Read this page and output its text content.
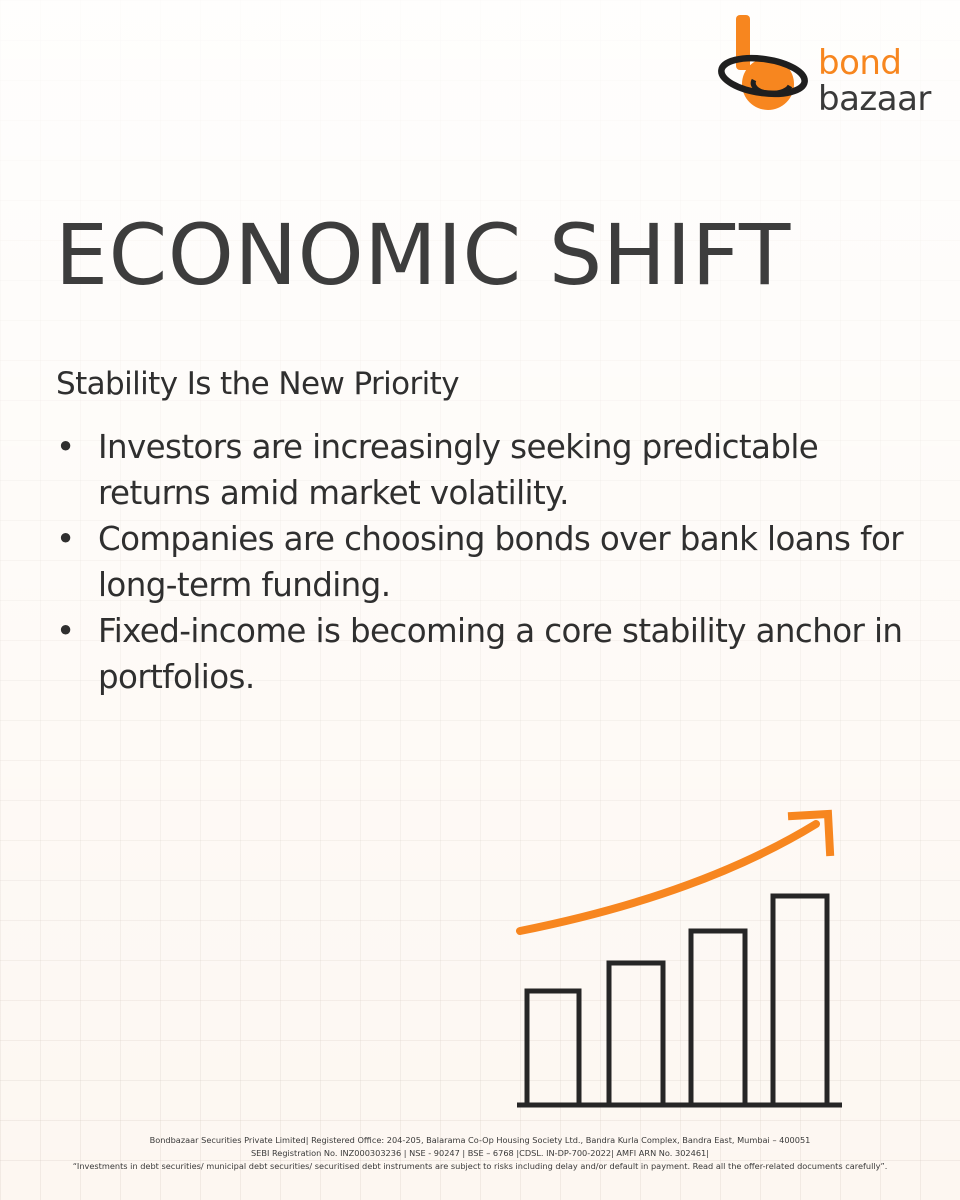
bond
bazaar
ECONOMIC SHIFT

Stability Is the New Priority

• Investors are increasingly seeking predictable returns amid market volatility.
• Companies are choosing bonds over bank loans for long-term funding.
• Fixed-income is becoming a core stability anchor in portfolios.
Bondbazaar Securities Private Limited| Registered Office: 204-205, Balarama Co-Op Housing Society Ltd., Bandra Kurla Complex, Bandra East, Mumbai – 400051
SEBI Registration No. INZ000303236 | NSE - 90247 | BSE – 6768 |CDSL. IN-DP-700-2022| AMFI ARN No. 302461|
“Investments in debt securities/ municipal debt securities/ securitised debt instruments are subject to risks including delay and/or default in payment. Read all the offer-related documents carefully”.
